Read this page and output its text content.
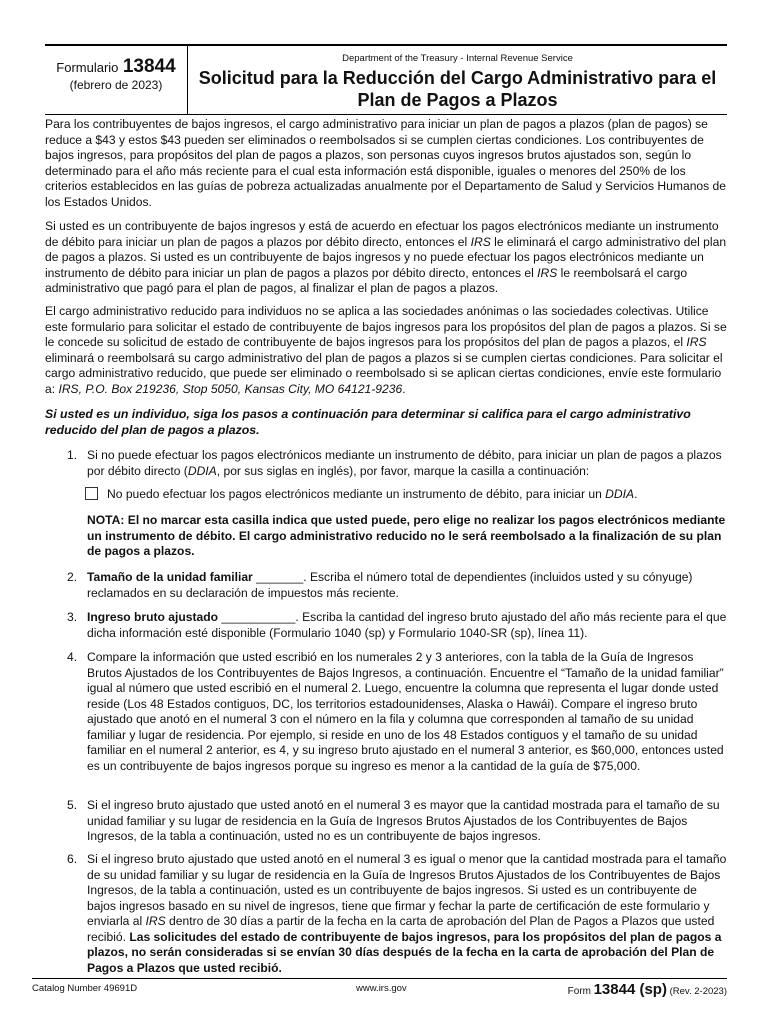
Formulario 13844
(febrero de 2023)
Department of the Treasury - Internal Revenue Service
Solicitud para la Reducción del Cargo Administrativo para el
Plan de Pagos a Plazos

Para los contribuyentes de bajos ingresos, el cargo administrativo para iniciar un plan de pagos a plazos (plan de pagos) se reduce a $43 y estos $43 pueden ser eliminados o reembolsados si se cumplen ciertas condiciones. Los contribuyentes de bajos ingresos, para propósitos del plan de pagos a plazos, son personas cuyos ingresos brutos ajustados son, según lo determinado para el año más reciente para el cual esta información está disponible, iguales o menores del 250% de los criterios establecidos en las guías de pobreza actualizadas anualmente por el Departamento de Salud y Servicios Humanos de los Estados Unidos.

Si usted es un contribuyente de bajos ingresos y está de acuerdo en efectuar los pagos electrónicos mediante un instrumento de débito para iniciar un plan de pagos a plazos por débito directo, entonces el IRS le eliminará el cargo administrativo del plan de pagos a plazos. Si usted es un contribuyente de bajos ingresos y no puede efectuar los pagos electrónicos mediante un instrumento de débito para iniciar un plan de pagos a plazos por débito directo, entonces el IRS le reembolsará el cargo administrativo que pagó para el plan de pagos, al finalizar el plan de pagos a plazos.

El cargo administrativo reducido para individuos no se aplica a las sociedades anónimas o las sociedades colectivas. Utilice este formulario para solicitar el estado de contribuyente de bajos ingresos para los propósitos del plan de pagos a plazos. Si se le concede su solicitud de estado de contribuyente de bajos ingresos para los propósitos del plan de pagos a plazos, el IRS eliminará o reembolsará su cargo administrativo del plan de pagos a plazos si se cumplen ciertas condiciones. Para solicitar el cargo administrativo reducido, que puede ser eliminado o reembolsado si se aplican ciertas condiciones, envíe este formulario a: IRS, P.O. Box 219236, Stop 5050, Kansas City, MO 64121-9236.

Si usted es un individuo, siga los pasos a continuación para determinar si califica para el cargo administrativo reducido del plan de pagos a plazos.

1. Si no puede efectuar los pagos electrónicos mediante un instrumento de débito, para iniciar un plan de pagos a plazos por débito directo (DDIA, por sus siglas en inglés), por favor, marque la casilla a continuación:

No puedo efectuar los pagos electrónicos mediante un instrumento de débito, para iniciar un DDIA.

NOTA: El no marcar esta casilla indica que usted puede, pero elige no realizar los pagos electrónicos mediante un instrumento de débito. El cargo administrativo reducido no le será reembolsado a la finalización de su plan de pagos a plazos.

2. Tamaño de la unidad familiar _______. Escriba el número total de dependientes (incluidos usted y su cónyuge) reclamados en su declaración de impuestos más reciente.

3. Ingreso bruto ajustado ___________. Escriba la cantidad del ingreso bruto ajustado del año más reciente para el que dicha información esté disponible (Formulario 1040 (sp) y Formulario 1040-SR (sp), línea 11).

4. Compare la información que usted escribió en los numerales 2 y 3 anteriores, con la tabla de la Guía de Ingresos Brutos Ajustados de los Contribuyentes de Bajos Ingresos, a continuación. Encuentre el “Tamaño de la unidad familiar” igual al número que usted escribió en el numeral 2. Luego, encuentre la columna que representa el lugar donde usted reside (Los 48 Estados contiguos, DC, los territorios estadounidenses, Alaska o Hawái). Compare el ingreso bruto ajustado que anotó en el numeral 3 con el número en la fila y columna que corresponden al tamaño de su unidad familiar y lugar de residencia. Por ejemplo, si reside en uno de los 48 Estados contiguos y el tamaño de su unidad familiar en el numeral 2 anterior, es 4, y su ingreso bruto ajustado en el numeral 3 anterior, es $60,000, entonces usted es un contribuyente de bajos ingresos porque su ingreso es menor a la cantidad de la guía de $75,000.

5. Si el ingreso bruto ajustado que usted anotó en el numeral 3 es mayor que la cantidad mostrada para el tamaño de su unidad familiar y su lugar de residencia en la Guía de Ingresos Brutos Ajustados de los Contribuyentes de Bajos Ingresos, de la tabla a continuación, usted no es un contribuyente de bajos ingresos.

6. Si el ingreso bruto ajustado que usted anotó en el numeral 3 es igual o menor que la cantidad mostrada para el tamaño de su unidad familiar y su lugar de residencia en la Guía de Ingresos Brutos Ajustados de los Contribuyentes de Bajos Ingresos, de la tabla a continuación, usted es un contribuyente de bajos ingresos. Si usted es un contribuyente de bajos ingresos basado en su nivel de ingresos, tiene que firmar y fechar la parte de certificación de este formulario y enviarla al IRS dentro de 30 días a partir de la fecha en la carta de aprobación del Plan de Pagos a Plazos que usted recibió. Las solicitudes del estado de contribuyente de bajos ingresos, para los propósitos del plan de pagos a plazos, no serán consideradas si se envían 30 días después de la fecha en la carta de aprobación del Plan de Pagos a Plazos que usted recibió.

Catalog Number 49691D	www.irs.gov	Form 13844 (sp) (Rev. 2-2023)
